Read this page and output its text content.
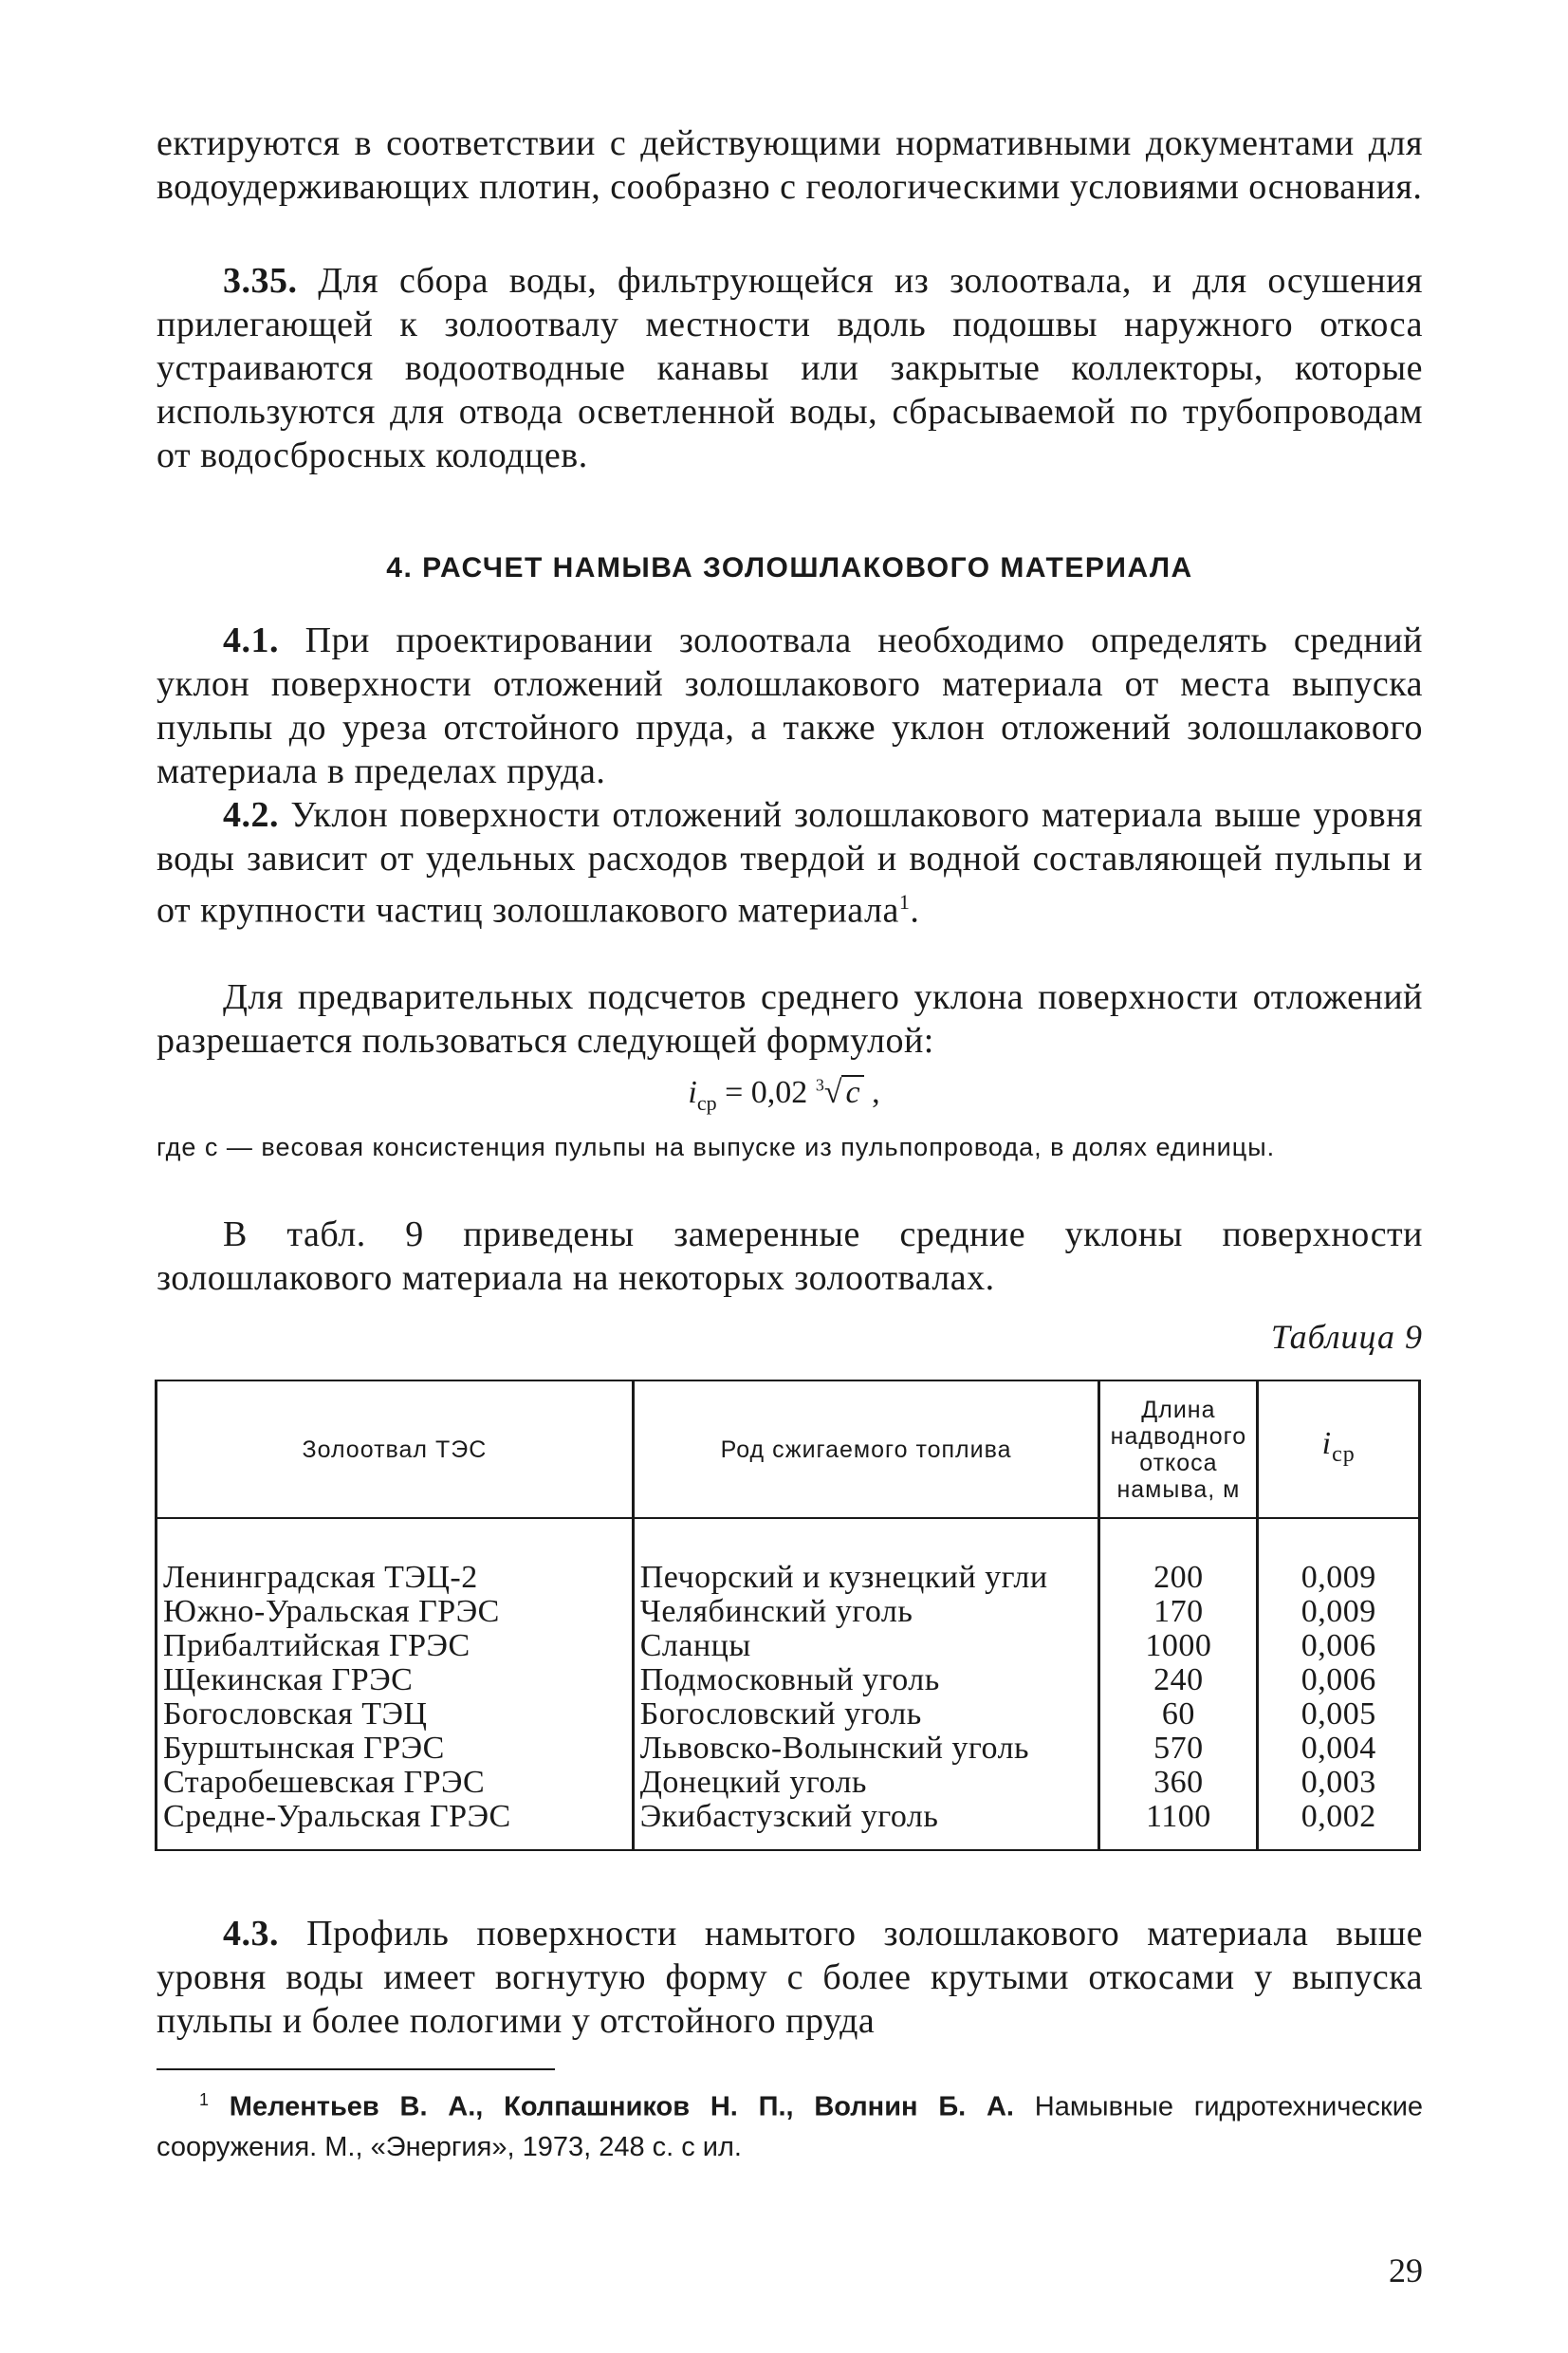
ектируются в соответствии с действующими нормативными документами для водоудерживающих плотин, сообразно с геологическими условиями основания.

3.35. Для сбора воды, фильтрующейся из золоотвала, и для осушения прилегающей к золоотвалу местности вдоль подошвы наружного откоса устраиваются водоотводные канавы или закрытые коллекторы, которые используются для отвода осветленной воды, сбрасываемой по трубопроводам от водосбросных колодцев.

4. РАСЧЕТ НАМЫВА ЗОЛОШЛАКОВОГО МАТЕРИАЛА

4.1. При проектировании золоотвала необходимо определять средний уклон поверхности отложений золошлакового материала от места выпуска пульпы до уреза отстойного пруда, а также уклон отложений золошлакового материала в пределах пруда.

4.2. Уклон поверхности отложений золошлакового материала выше уровня воды зависит от удельных расходов твердой и водной составляющей пульпы и от крупности частиц золошлакового материала$^1$.

Для предварительных подсчетов среднего уклона поверхности отложений разрешается пользоваться следующей формулой:

$i_{ср} = 0,02$ $^3$√ c ,

где c — весовая консистенция пульпы на выпуске из пульпопровода, в долях единицы.

В табл. 9 приведены замеренные средние уклоны поверхности золошлакового материала на некоторых золоотвалах.

Таблица 9
Золоотвал ТЭС	Род сжигаемого топлива	Длина
надводного
откоса
намыва, м	$i_{ср}$
Ленинградская ТЭЦ-2	Печорский и кузнецкий угли	200	0,009
Южно-Уральская ГРЭС	Челябинский уголь	170	0,009
Прибалтийская ГРЭС	Сланцы	1000	0,006
Щекинская ГРЭС	Подмосковный уголь	240	0,006
Богословская ТЭЦ	Богословский уголь	60	0,005
Бурштынская ГРЭС	Львовско-Волынский уголь	570	0,004
Старобешевская ГРЭС	Донецкий уголь	360	0,003
Средне-Уральская ГРЭС	Экибастузский уголь	1100	0,002

4.3. Профиль поверхности намытого золошлакового материала выше уровня воды имеет вогнутую форму с более крутыми откосами у выпуска пульпы и более пологими у отстойного пруда

$^1$ Мелентьев В. А., Колпашников Н. П., Волнин Б. А. Намывные гидротехнические сооружения. М., «Энергия», 1973, 248 с. с ил.

29
